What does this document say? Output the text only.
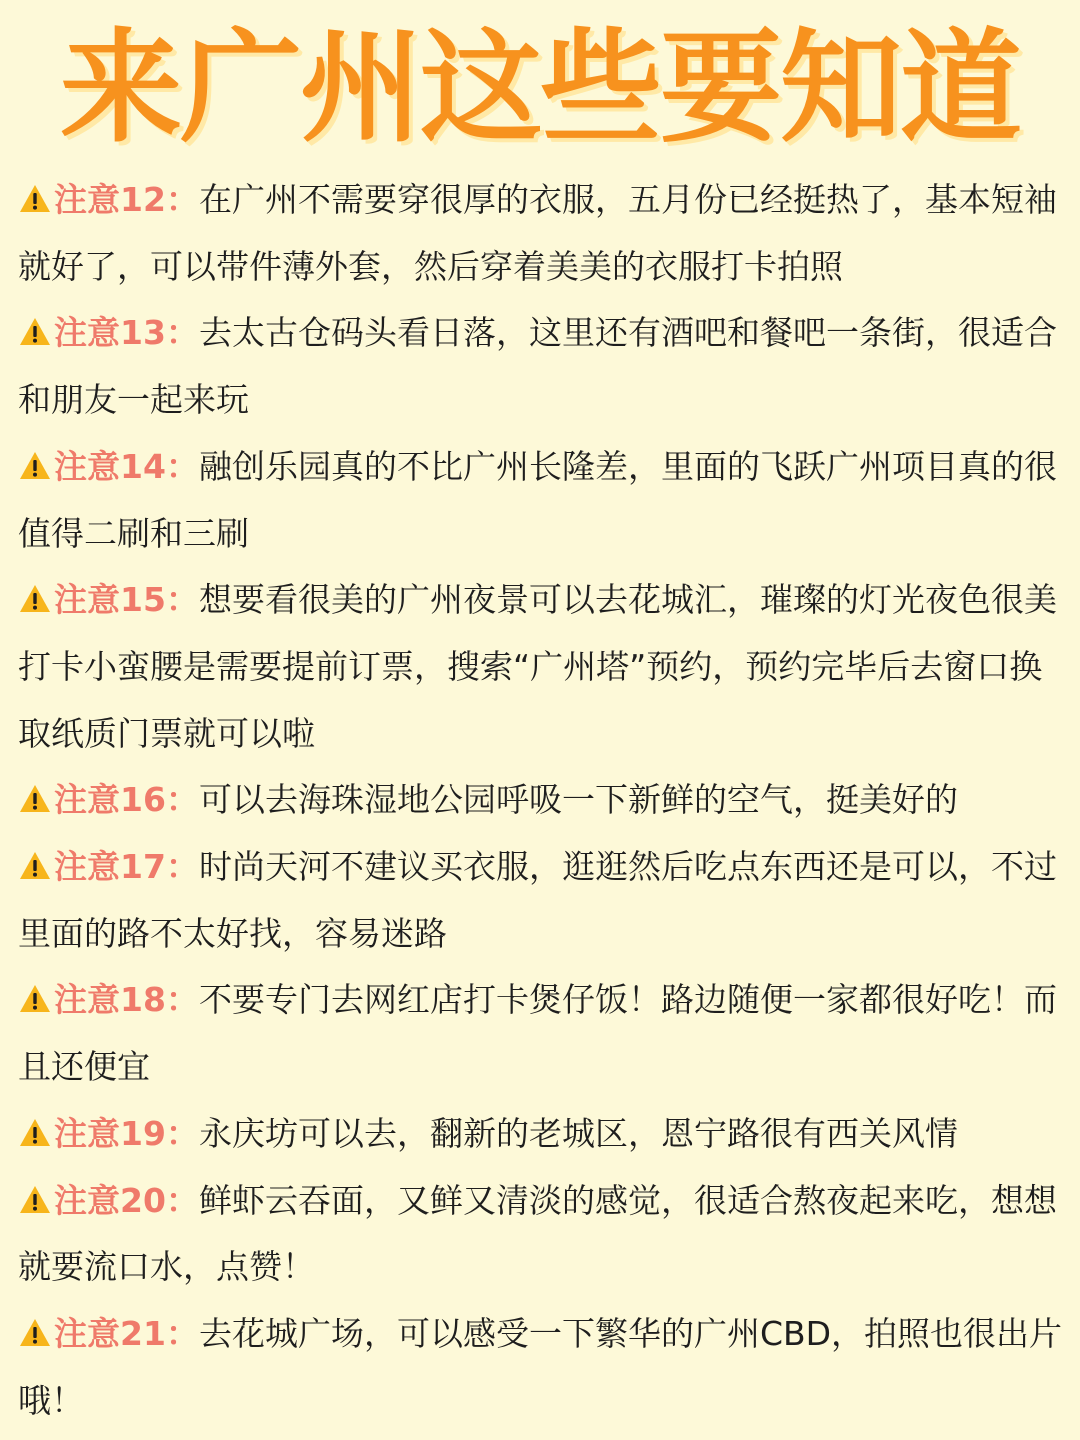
来广州这些要知道

注意12：在广州不需要穿很厚的衣服，五月份已经挺热了，基本短袖就好了，可以带件薄外套，然后穿着美美的衣服打卡拍照

注意13：去太古仓码头看日落，这里还有酒吧和餐吧一条街，很适合和朋友一起来玩

注意14：融创乐园真的不比广州长隆差，里面的飞跃广州项目真的很值得二刷和三刷

注意15：想要看很美的广州夜景可以去花城汇，璀璨的灯光夜色很美打卡小蛮腰是需要提前订票，搜索“广州塔”预约，预约完毕后去窗口换取纸质门票就可以啦

注意16：可以去海珠湿地公园呼吸一下新鲜的空气，挺美好的

注意17：时尚天河不建议买衣服，逛逛然后吃点东西还是可以，不过里面的路不太好找，容易迷路

注意18：不要专门去网红店打卡煲仔饭！路边随便一家都很好吃！而且还便宜

注意19：永庆坊可以去，翻新的老城区，恩宁路很有西关风情

注意20：鲜虾云吞面，又鲜又清淡的感觉，很适合熬夜起来吃，想想就要流口水，点赞！

注意21：去花城广场，可以感受一下繁华的广州CBD，拍照也很出片哦！
